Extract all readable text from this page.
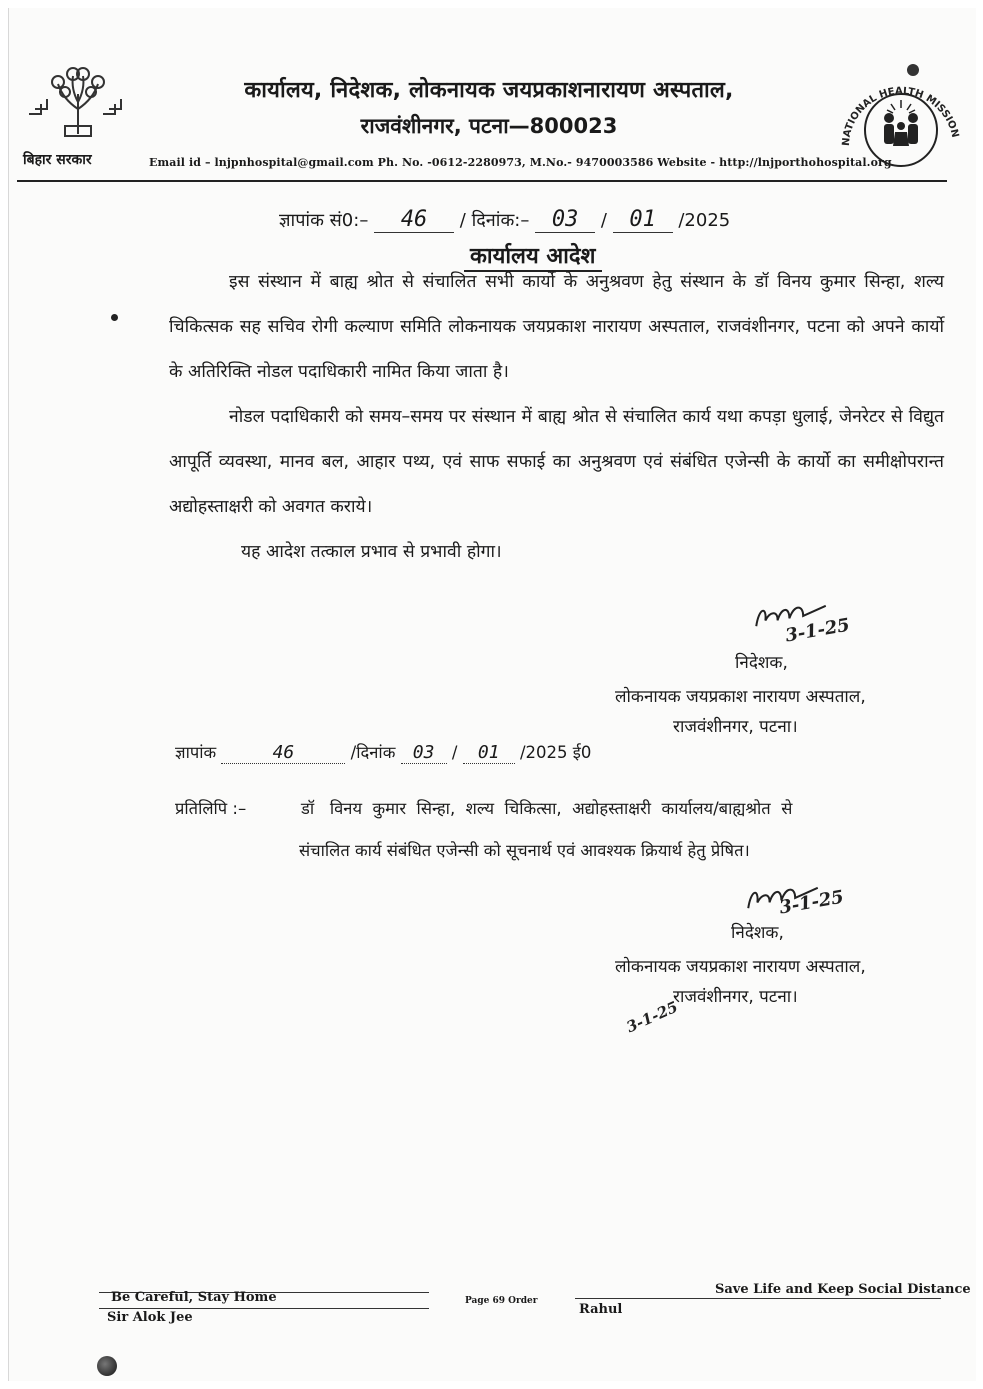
बिहार सरकार
कार्यालय, निदेशक, लोकनायक जयप्रकाशनारायण अस्पताल,
राजवंशीनगर, पटना—800023
Email id – lnjpnhospital@gmail.com Ph. No. -0612-2280973, M.No.- 9470003586 Website - http://lnjporthohospital.org
NATIONAL HEALTH MISSION
ज्ञापांक सं0:– 46 / दिनांक:– 03 / 01 /2025
कार्यालय आदेश

इस संस्थान में बाह्य श्रोत से संचालित सभी कार्यो के अनुश्रवण हेतु संस्थान के डॉ विनय कुमार सिन्हा, शल्य चिकित्सक सह सचिव रोगी कल्याण समिति लोकनायक जयप्रकाश नारायण अस्पताल, राजवंशीनगर, पटना को अपने कार्यो के अतिरिक्ति नोडल पदाधिकारी नामित किया जाता है।

नोडल पदाधिकारी को समय–समय पर संस्थान में बाह्य श्रोत से संचालित कार्य यथा कपड़ा धुलाई, जेनरेटर से विद्युत आपूर्ति व्यवस्था, मानव बल, आहार पथ्य, एवं साफ सफाई का अनुश्रवण एवं संबंधित एजेन्सी के कार्यो का समीक्षोपरान्त अद्योहस्ताक्षरी को अवगत कराये।

यह आदेश तत्काल प्रभाव से प्रभावी होगा।

3-1-25
निदेशक,
लोकनायक जयप्रकाश नारायण अस्पताल,
राजवंशीनगर, पटना।
ज्ञापांक	46	/दिनांक 03 / 01 /2025 ई0
प्रतिलिपि :–	डॉ   विनय  कुमार  सिन्हा,  शल्य  चिकित्सा,  अद्योहस्ताक्षरी  कार्यालय/बाह्यश्रोत  से
संचालित कार्य संबंधित एजेन्सी को सूचनार्थ एवं आवश्यक क्रियार्थ हेतु प्रेषित।
3-1-25
निदेशक,
लोकनायक जयप्रकाश नारायण अस्पताल,
राजवंशीनगर, पटना।
3-1-25
Be Careful, Stay Home
Sir Alok Jee
Page 69 Order
Save Life and Keep Social Distance
Rahul
